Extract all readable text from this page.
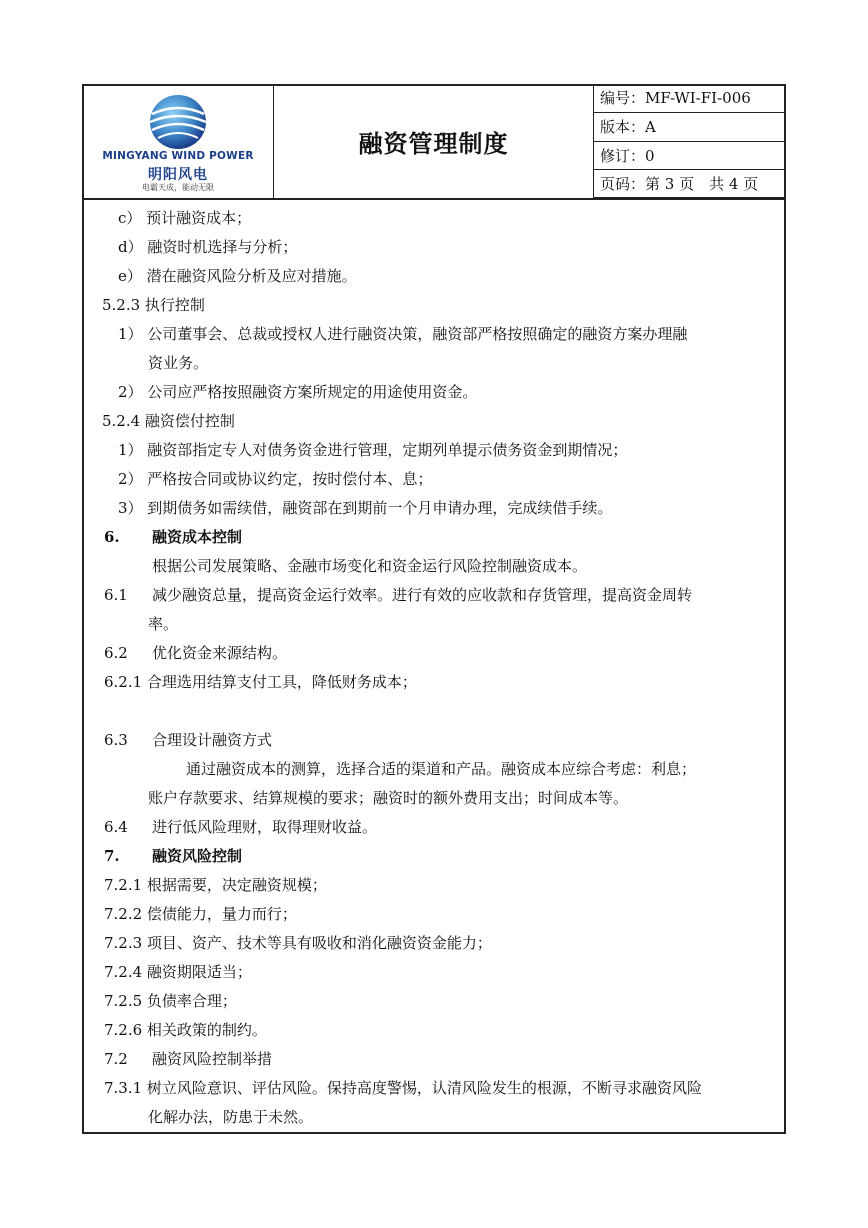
MINGYANG WIND POWER
明阳风电
电霸天成，能动无限
融资管理制度
编号：MF-WI-FI-006
版本：A
修订：0
页码：第 3 页　共 4 页
c） 预计融资成本；
d） 融资时机选择与分析；
e） 潜在融资风险分析及应对措施。
5.2.3 执行控制
1） 公司董事会、总裁或授权人进行融资决策，融资部严格按照确定的融资方案办理融
资业务。
2） 公司应严格按照融资方案所规定的用途使用资金。
5.2.4 融资偿付控制
1） 融资部指定专人对债务资金进行管理，定期列单提示债务资金到期情况；
2） 严格按合同或协议约定，按时偿付本、息；
3） 到期债务如需续借，融资部在到期前一个月申请办理，完成续借手续。
6. 融资成本控制
根据公司发展策略、金融市场变化和资金运行风险控制融资成本。
6.1 减少融资总量，提高资金运行效率。进行有效的应收款和存货管理，提高资金周转
率。
6.2 优化资金来源结构。
6.2.1 合理选用结算支付工具，降低财务成本；
6.3 合理设计融资方式
通过融资成本的测算，选择合适的渠道和产品。融资成本应综合考虑：利息；
账户存款要求、结算规模的要求；融资时的额外费用支出；时间成本等。
6.4 进行低风险理财，取得理财收益。
7. 融资风险控制
7.2.1 根据需要，决定融资规模；
7.2.2 偿债能力，量力而行；
7.2.3 项目、资产、技术等具有吸收和消化融资资金能力；
7.2.4 融资期限适当；
7.2.5 负债率合理；
7.2.6 相关政策的制约。
7.2 融资风险控制举措
7.3.1 树立风险意识、评估风险。保持高度警惕，认清风险发生的根源，不断寻求融资风险
化解办法，防患于未然。
